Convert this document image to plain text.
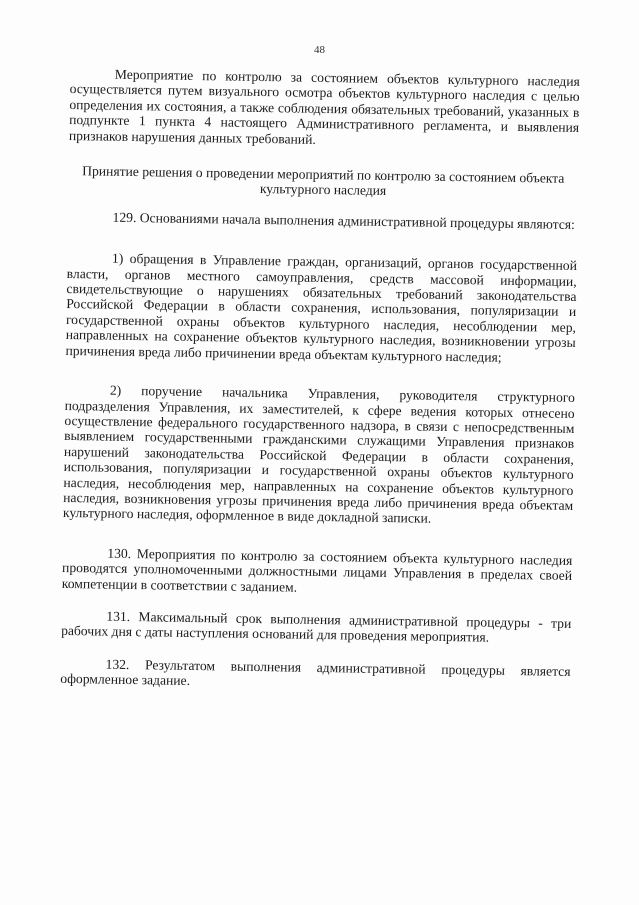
48

Мероприятие по контролю за состоянием объектов культурного наследия осуществляется путем визуального осмотра объектов культурного наследия с целью определения их состояния, а также соблюдения обязательных требований, указанных в подпункте 1 пункта 4 настоящего Административного регламента, и выявления признаков нарушения данных требований.

Принятие решения о проведении мероприятий по контролю за состоянием объекта культурного наследия

129. Основаниями начала выполнения административной процедуры являются:

1) обращения в Управление граждан, организаций, органов государственной власти, органов местного самоуправления, средств массовой информации, свидетельствующие о нарушениях обязательных требований законодательства Российской Федерации в области сохранения, использования, популяризации и государственной охраны объектов культурного наследия, несоблюдении мер, направленных на сохранение объектов культурного наследия, возникновении угрозы причинения вреда либо причинении вреда объектам культурного наследия;

2) поручение начальника Управления, руководителя структурного подразделения Управления, их заместителей, к сфере ведения которых отнесено осуществление федерального государственного надзора, в связи с непосредственным выявлением государственными гражданскими служащими Управления признаков нарушений законодательства Российской Федерации в области сохранения, использования, популяризации и государственной охраны объектов культурного наследия, несоблюдения мер, направленных на сохранение объектов культурного наследия, возникновения угрозы причинения вреда либо причинения вреда объектам культурного наследия, оформленное в виде докладной записки.

130. Мероприятия по контролю за состоянием объекта культурного наследия проводятся уполномоченными должностными лицами Управления в пределах своей компетенции в соответствии с заданием.

131. Максимальный срок выполнения административной процедуры - три рабочих дня с даты наступления оснований для проведения мероприятия.

132. Результатом выполнения административной процедуры является оформленное задание.
